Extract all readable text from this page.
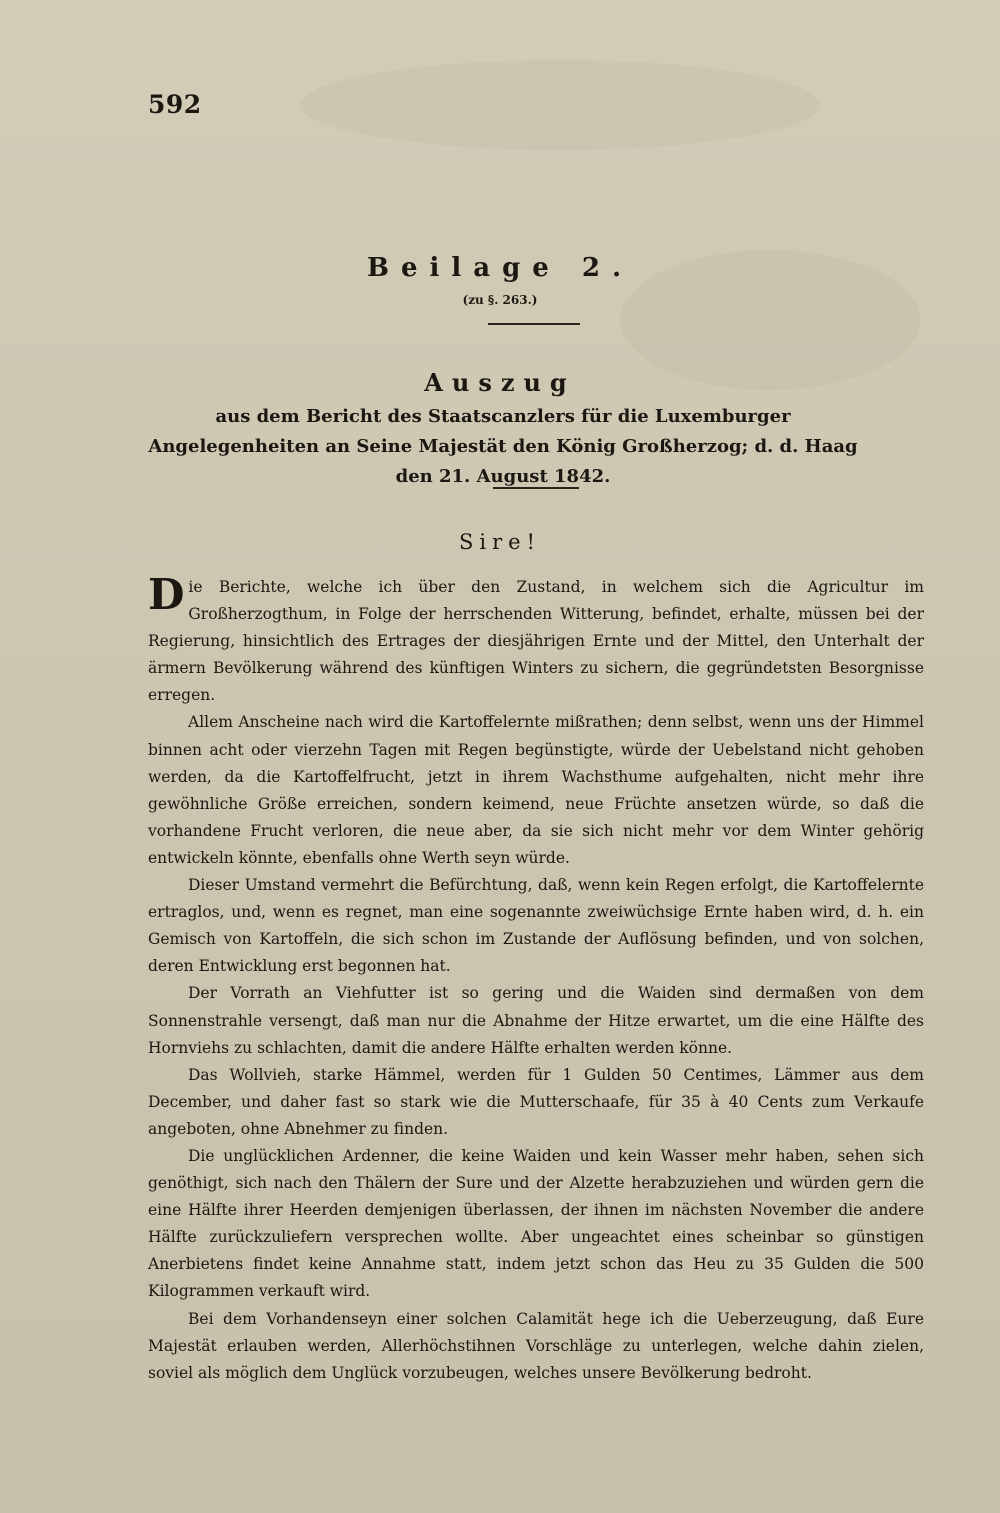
592
Beilage 2.
(zu §. 263.)
Auszug
aus dem Bericht des Staatscanzlers für die Luxemburger Angelegenheiten an Seine Majestät den König Großherzog; d. d. Haag den 21. August 1842.
Sire!

Die Berichte, welche ich über den Zustand, in welchem sich die Agricultur im Großherzogthum, in Folge der herrschenden Witterung, befindet, erhalte, müssen bei der Regierung, hinsichtlich des Ertrages der diesjährigen Ernte und der Mittel, den Unterhalt der ärmern Bevölkerung während des künftigen Winters zu sichern, die gegründetsten Besorgnisse erregen.

Allem Anscheine nach wird die Kartoffelernte mißrathen; denn selbst, wenn uns der Himmel binnen acht oder vierzehn Tagen mit Regen begünstigte, würde der Uebelstand nicht gehoben werden, da die Kartoffelfrucht, jetzt in ihrem Wachsthume aufgehalten, nicht mehr ihre gewöhnliche Größe erreichen, sondern keimend, neue Früchte ansetzen würde, so daß die vorhandene Frucht verloren, die neue aber, da sie sich nicht mehr vor dem Winter gehörig entwickeln könnte, ebenfalls ohne Werth seyn würde.

Dieser Umstand vermehrt die Befürchtung, daß, wenn kein Regen erfolgt, die Kartoffelernte ertraglos, und, wenn es regnet, man eine sogenannte zweiwüchsige Ernte haben wird, d. h. ein Gemisch von Kartoffeln, die sich schon im Zustande der Auflösung befinden, und von solchen, deren Entwicklung erst begonnen hat.

Der Vorrath an Viehfutter ist so gering und die Waiden sind dermaßen von dem Sonnenstrahle versengt, daß man nur die Abnahme der Hitze erwartet, um die eine Hälfte des Hornviehs zu schlachten, damit die andere Hälfte erhalten werden könne.

Das Wollvieh, starke Hämmel, werden für 1 Gulden 50 Centimes, Lämmer aus dem December, und daher fast so stark wie die Mutterschaafe, für 35 à 40 Cents zum Verkaufe angeboten, ohne Abnehmer zu finden.

Die unglücklichen Ardenner, die keine Waiden und kein Wasser mehr haben, sehen sich genöthigt, sich nach den Thälern der Sure und der Alzette herabzuziehen und würden gern die eine Hälfte ihrer Heerden demjenigen überlassen, der ihnen im nächsten November die andere Hälfte zurückzuliefern versprechen wollte. Aber ungeachtet eines scheinbar so günstigen Anerbietens findet keine Annahme statt, indem jetzt schon das Heu zu 35 Gulden die 500 Kilogrammen verkauft wird.

Bei dem Vorhandenseyn einer solchen Calamität hege ich die Ueberzeugung, daß Eure Majestät erlauben werden, Allerhöchstihnen Vorschläge zu unterlegen, welche dahin zielen, soviel als möglich dem Unglück vorzubeugen, welches unsere Bevölkerung bedroht.
